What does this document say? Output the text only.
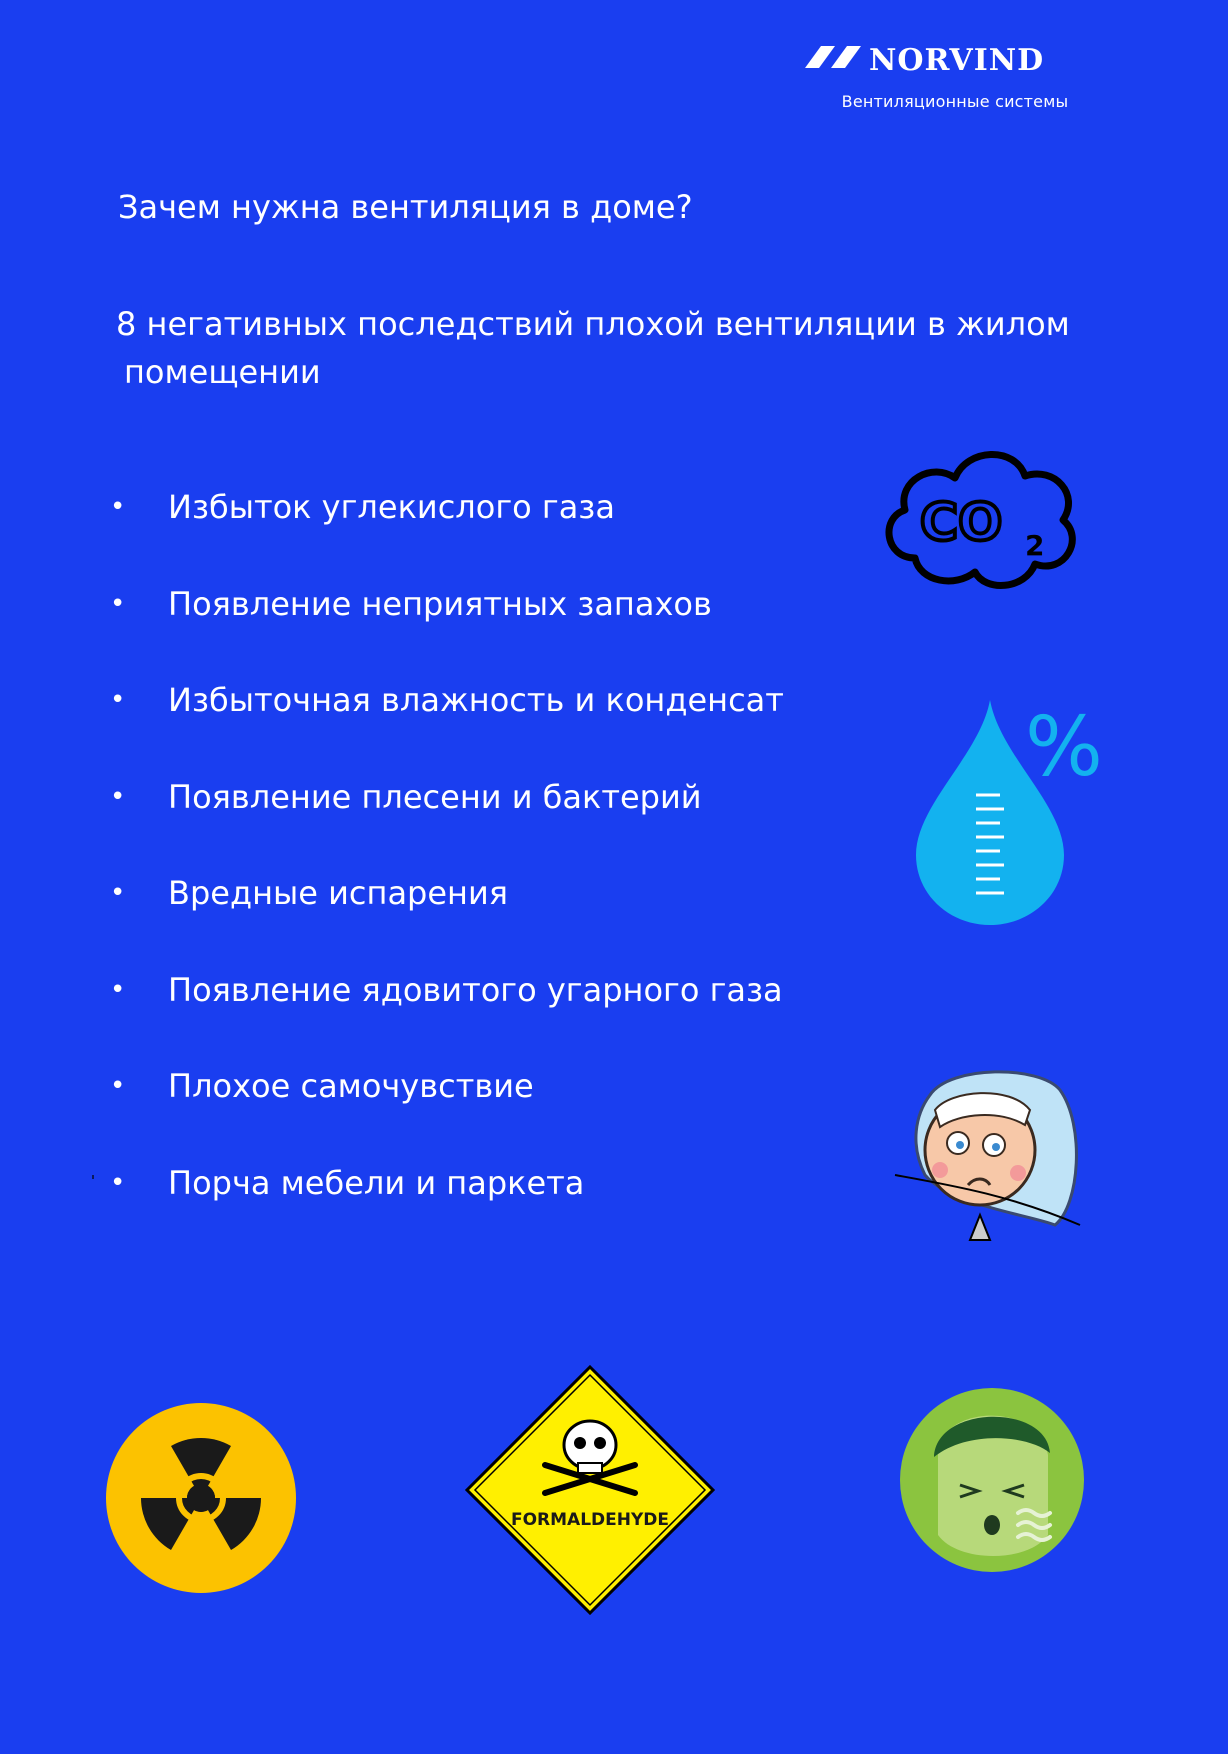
NORVIND
Вентиляционные системы
Зачем нужна вентиляция в доме?
8 негативных последствий плохой вентиляции в жилом
помещении
•	Избыток углекислого газа
•	Появление неприятных запахов
•	Избыточная влажность и конденсат
•	Появление плесени и бактерий
•	Вредные испарения
•	Появление ядовитого угарного газа
•	Плохое самочувствие
•	Порча мебели и паркета
CO 2
%
FORMALDEHYDE
